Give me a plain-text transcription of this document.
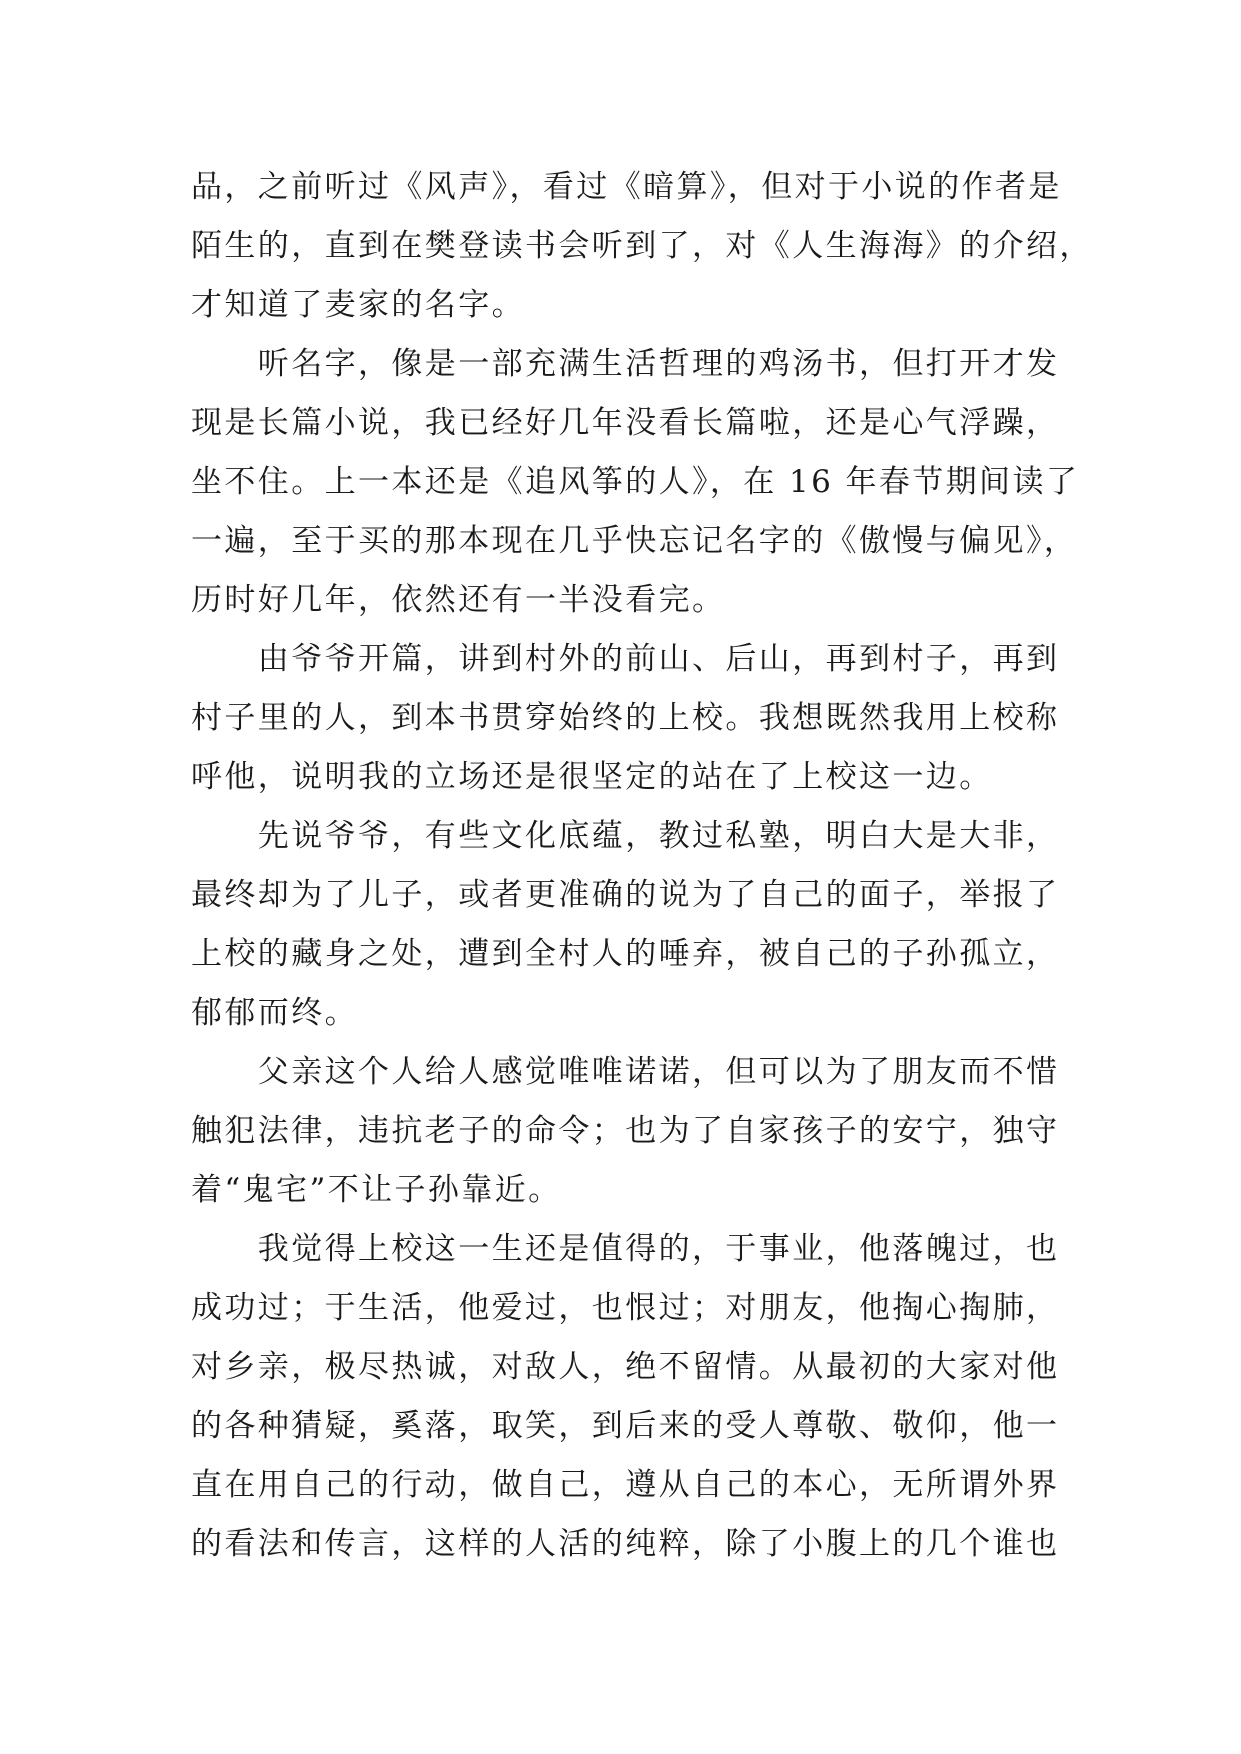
品，之前听过《风声》，看过《暗算》，但对于小说的作者是
陌生的，直到在樊登读书会听到了，对《人生海海》的介绍，
才知道了麦家的名字。
　　听名字，像是一部充满生活哲理的鸡汤书，但打开才发
现是长篇小说，我已经好几年没看长篇啦，还是心气浮躁，
坐不住。上一本还是《追风筝的人》，在 16 年春节期间读了
一遍，至于买的那本现在几乎快忘记名字的《傲慢与偏见》，
历时好几年，依然还有一半没看完。
　　由爷爷开篇，讲到村外的前山、后山，再到村子，再到
村子里的人，到本书贯穿始终的上校。我想既然我用上校称
呼他，说明我的立场还是很坚定的站在了上校这一边。
　　先说爷爷，有些文化底蕴，教过私塾，明白大是大非，
最终却为了儿子，或者更准确的说为了自己的面子，举报了
上校的藏身之处，遭到全村人的唾弃，被自己的子孙孤立，
郁郁而终。
　　父亲这个人给人感觉唯唯诺诺，但可以为了朋友而不惜
触犯法律，违抗老子的命令；也为了自家孩子的安宁，独守
着“鬼宅”不让子孙靠近。
　　我觉得上校这一生还是值得的，于事业，他落魄过，也
成功过；于生活，他爱过，也恨过；对朋友，他掏心掏肺，
对乡亲，极尽热诚，对敌人，绝不留情。从最初的大家对他
的各种猜疑，奚落，取笑，到后来的受人尊敬、敬仰，他一
直在用自己的行动，做自己，遵从自己的本心，无所谓外界
的看法和传言，这样的人活的纯粹，除了小腹上的几个谁也
